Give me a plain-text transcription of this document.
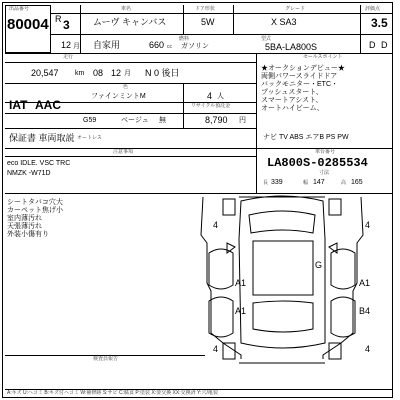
出品番号
80004 R 3
車名
ムーヴ キャンバス
ドア形状
5W
グレード
X SA3
評価点
3.5
12 月 自家用	660 cc
燃料
ガソリン
型式
5BA-LA800S	D D
走行
20,547 km 08 12 月 N 0 後日
色
ファインミントM
IAT AAC
4 人
リサイクル預託金
G59	ベージュ 無	8,790 円
保証書 車両取説 オートレス
セールスポイント
★オークションデビュー★
両側パワースライドドア
バックモニター・ETC・
プッシュスタート、
スマートアシスト、
オートハイビーム、
ナビ TV ABS エアB PS PW
注意事項
eco IDLE. VSC TRC
NMZK -W71D
車台番号
LA800S-0285534
寸法
長 339	幅 147	高 165
シートタバコ穴大
カーペット焦げ小
室内薄汚れ
天張薄汚れ
外装小傷有り
4	4
4	4
G
A1	A1
A1	B4
検査員報告
A:キズ U:ヘコミ B:キズ付ヘコミ W:補修跡 S:サビ C:腐食 P:塗装 X:要交換 XX:交換済 Y:穴/亀裂
